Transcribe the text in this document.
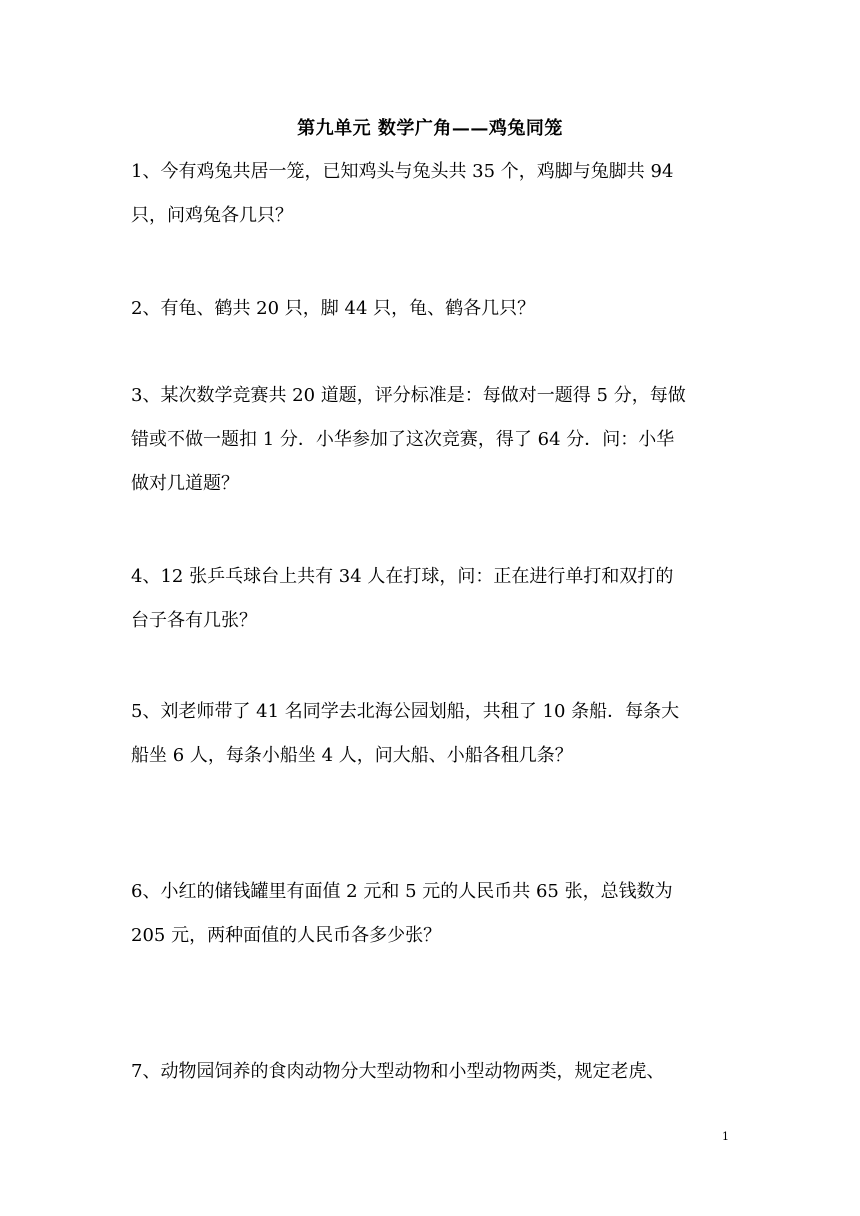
第九单元 数学广角——鸡兔同笼
1、今有鸡兔共居一笼，已知鸡头与兔头共 35 个，鸡脚与兔脚共 94
只，问鸡兔各几只？
2、有龟、鹤共 20 只，脚 44 只，龟、鹤各几只？
3、某次数学竞赛共 20 道题，评分标准是：每做对一题得 5 分，每做
错或不做一题扣 1 分．小华参加了这次竞赛，得了 64 分．问：小华
做对几道题？
4、12 张乒乓球台上共有 34 人在打球，问：正在进行单打和双打的
台子各有几张？
5、刘老师带了 41 名同学去北海公园划船，共租了 10 条船．每条大
船坐 6 人，每条小船坐 4 人，问大船、小船各租几条？
6、小红的储钱罐里有面值 2 元和 5 元的人民币共 65 张，总钱数为
205 元，两种面值的人民币各多少张？
7、动物园饲养的食肉动物分大型动物和小型动物两类，规定老虎、
1
